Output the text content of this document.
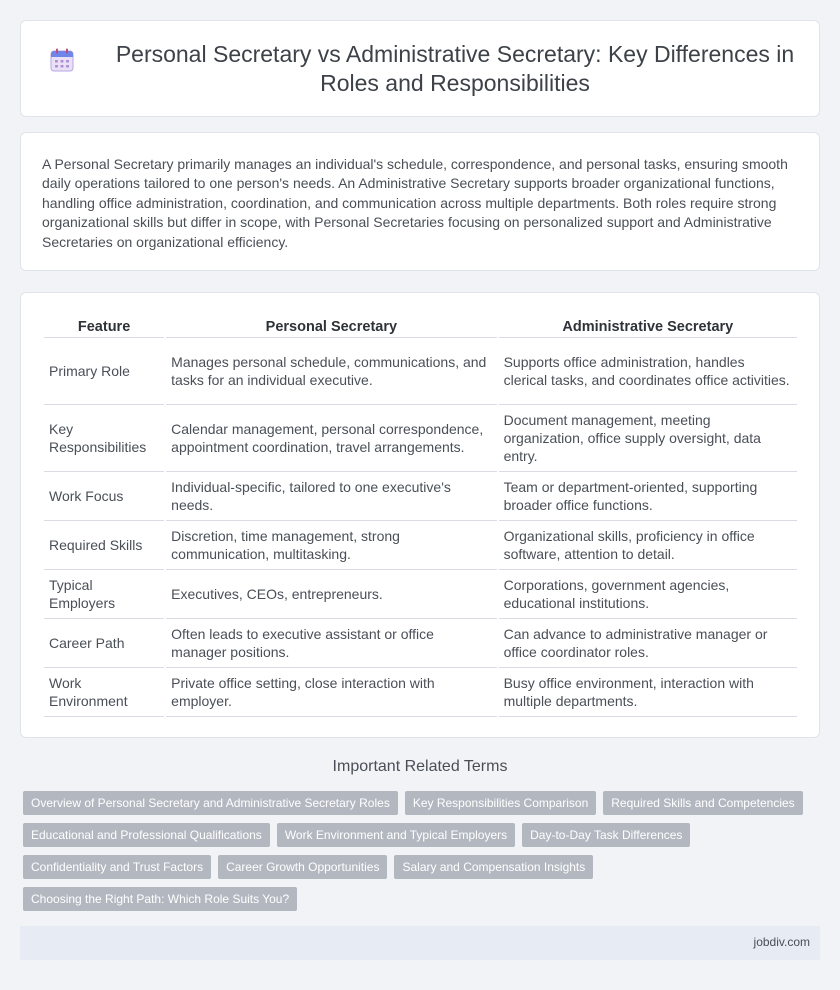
Personal Secretary vs Administrative Secretary: Key Differences in Roles and Responsibilities

A Personal Secretary primarily manages an individual's schedule, correspondence, and personal tasks, ensuring smooth daily operations tailored to one person's needs. An Administrative Secretary supports broader organizational functions, handling office administration, coordination, and communication across multiple departments. Both roles require strong organizational skills but differ in scope, with Personal Secretaries focusing on personalized support and Administrative Secretaries on organizational efficiency.

Feature	Personal Secretary	Administrative Secretary
Primary Role	Manages personal schedule, communications, and tasks for an individual executive.	Supports office administration, handles clerical tasks, and coordinates office activities.
Key Responsibilities	Calendar management, personal correspondence, appointment coordination, travel arrangements.	Document management, meeting organization, office supply oversight, data entry.
Work Focus	Individual-specific, tailored to one executive's needs.	Team or department-oriented, supporting broader office functions.
Required Skills	Discretion, time management, strong communication, multitasking.	Organizational skills, proficiency in office software, attention to detail.
Typical Employers	Executives, CEOs, entrepreneurs.	Corporations, government agencies, educational institutions.
Career Path	Often leads to executive assistant or office manager positions.	Can advance to administrative manager or office coordinator roles.
Work Environment	Private office setting, close interaction with employer.	Busy office environment, interaction with multiple departments.
Important Related Terms
Overview of Personal Secretary and Administrative Secretary Roles	Key Responsibilities Comparison	Required Skills and Competencies
Educational and Professional Qualifications	Work Environment and Typical Employers	Day-to-Day Task Differences
Confidentiality and Trust Factors	Career Growth Opportunities	Salary and Compensation Insights
Choosing the Right Path: Which Role Suits You?
jobdiv.com
